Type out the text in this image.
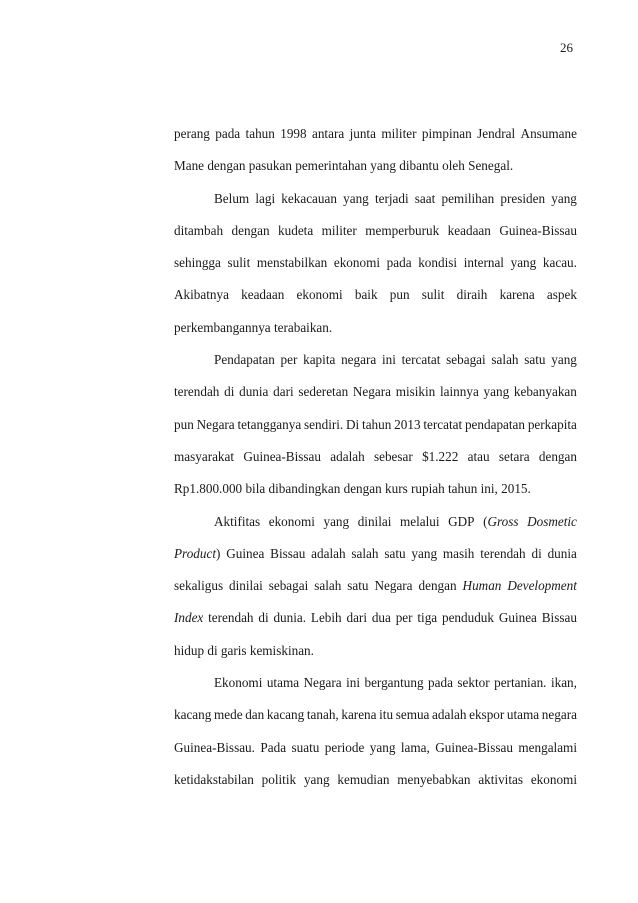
26
perang pada tahun 1998 antara junta militer pimpinan Jendral Ansumane
Mane dengan pasukan pemerintahan yang dibantu oleh Senegal.
Belum lagi kekacauan yang terjadi saat pemilihan presiden yang
ditambah dengan kudeta militer memperburuk keadaan Guinea-Bissau
sehingga sulit menstabilkan ekonomi pada kondisi internal yang kacau.
Akibatnya keadaan ekonomi baik pun sulit diraih karena aspek
perkembangannya terabaikan.
Pendapatan per kapita negara ini tercatat sebagai salah satu yang
terendah di dunia dari sederetan Negara misikin lainnya yang kebanyakan
pun Negara tetangganya sendiri. Di tahun 2013 tercatat pendapatan perkapita
masyarakat Guinea-Bissau adalah sebesar $1.222 atau setara dengan
Rp1.800.000 bila dibandingkan dengan kurs rupiah tahun ini, 2015.
Aktifitas ekonomi yang dinilai melalui GDP (Gross Dosmetic
Product) Guinea Bissau adalah salah satu yang masih terendah di dunia
sekaligus dinilai sebagai salah satu Negara dengan Human Development
Index terendah di dunia. Lebih dari dua per tiga penduduk Guinea Bissau
hidup di garis kemiskinan.
Ekonomi utama Negara ini bergantung pada sektor pertanian. ikan,
kacang mede dan kacang tanah, karena itu semua adalah ekspor utama negara
Guinea-Bissau. Pada suatu periode yang lama, Guinea-Bissau mengalami
ketidakstabilan politik yang kemudian menyebabkan aktivitas ekonomi
